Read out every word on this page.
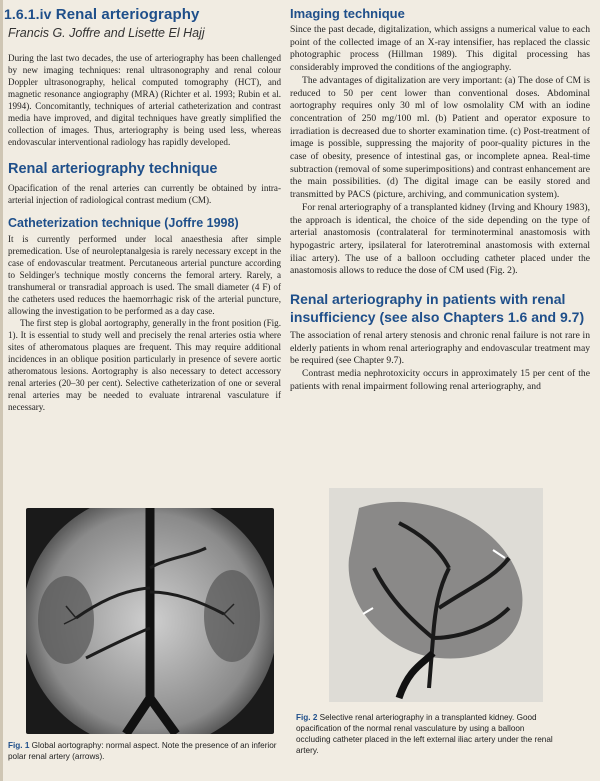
1.6.1.iv Renal arteriography
Francis G. Joffre and Lisette El Hajj

During the last two decades, the use of arteriography has been challenged by new imaging techniques: renal ultrasonography and renal colour Doppler ultrasonography, helical computed tomography (HCT), and magnetic resonance angiography (MRA) (Richter et al. 1993; Rubin et al. 1994). Concomitantly, techniques of arterial catheterization and contrast media have improved, and digital techniques have greatly simplified the collection of images. Thus, arteriography is being used less, whereas endovascular interventional radiology has rapidly developed.

Renal arteriography technique

Opacification of the renal arteries can currently be obtained by intra-arterial injection of radiological contrast medium (CM).

Catheterization technique (Joffre 1998)

It is currently performed under local anaesthesia after simple premedication. Use of neuroleptanalgesia is rarely necessary except in the case of endovascular treatment. Percutaneous arterial puncture according to Seldinger's technique mostly concerns the femoral artery. Rarely, a transhumeral or transradial approach is used. The small diameter (4 F) of the catheters used reduces the haemorrhagic risk of the arterial puncture, allowing the investigation to be performed as a day case.

The first step is global aortography, generally in the front position (Fig. 1). It is essential to study well and precisely the renal arteries ostia where sites of atheromatous plaques are frequent. This may require additional incidences in an oblique position particularly in presence of severe aortic atheromatous lesions. Aortography is also necessary to detect accessory renal arteries (20–30 per cent). Selective catheterization of one or several renal arteries may be needed to evaluate intrarenal vasculature if necessary.

Imaging technique

Since the past decade, digitalization, which assigns a numerical value to each point of the collected image of an X-ray intensifier, has replaced the classic photographic process (Hillman 1989). This digital processing has considerably improved the conditions of the angiography.

The advantages of digitalization are very important: (a) The dose of CM is reduced to 50 per cent lower than conventional doses. Abdominal aortography requires only 30 ml of low osmolality CM with an iodine concentration of 250 mg/100 ml. (b) Patient and operator exposure to irradiation is decreased due to shorter examination time. (c) Post-treatment of image is possible, suppressing the majority of poor-quality pictures in the case of obesity, presence of intestinal gas, or incomplete apnea. Real-time subtraction (removal of some superimpositions) and contrast enhancement are the main possibilities. (d) The digital image can be easily stored and transmitted by PACS (picture, archiving, and communication system).

For renal arteriography of a transplanted kidney (Irving and Khoury 1983), the approach is identical, the choice of the side depending on the type of arterial anastomosis (contralateral for terminoterminal anastomosis with hypogastric artery, ipsilateral for laterotreminal anastomosis with external iliac artery). The use of a balloon occluding catheter placed under the anastomosis allows to reduce the dose of CM used (Fig. 2).

Renal arteriography in patients with renal insufficiency (see also Chapters 1.6 and 9.7)

The association of renal artery stenosis and chronic renal failure is not rare in elderly patients in whom renal arteriography and endovascular treatment may be required (see Chapter 9.7).

Contrast media nephrotoxicity occurs in approximately 15 per cent of the patients with renal impairment following renal arteriography, and

Fig. 1 Global aortography: normal aspect. Note the presence of an inferior polar renal artery (arrows).
Fig. 2 Selective renal arteriography in a transplanted kidney. Good opacification of the normal renal vasculature by using a balloon occluding catheter placed in the left external iliac artery under the renal artery.
